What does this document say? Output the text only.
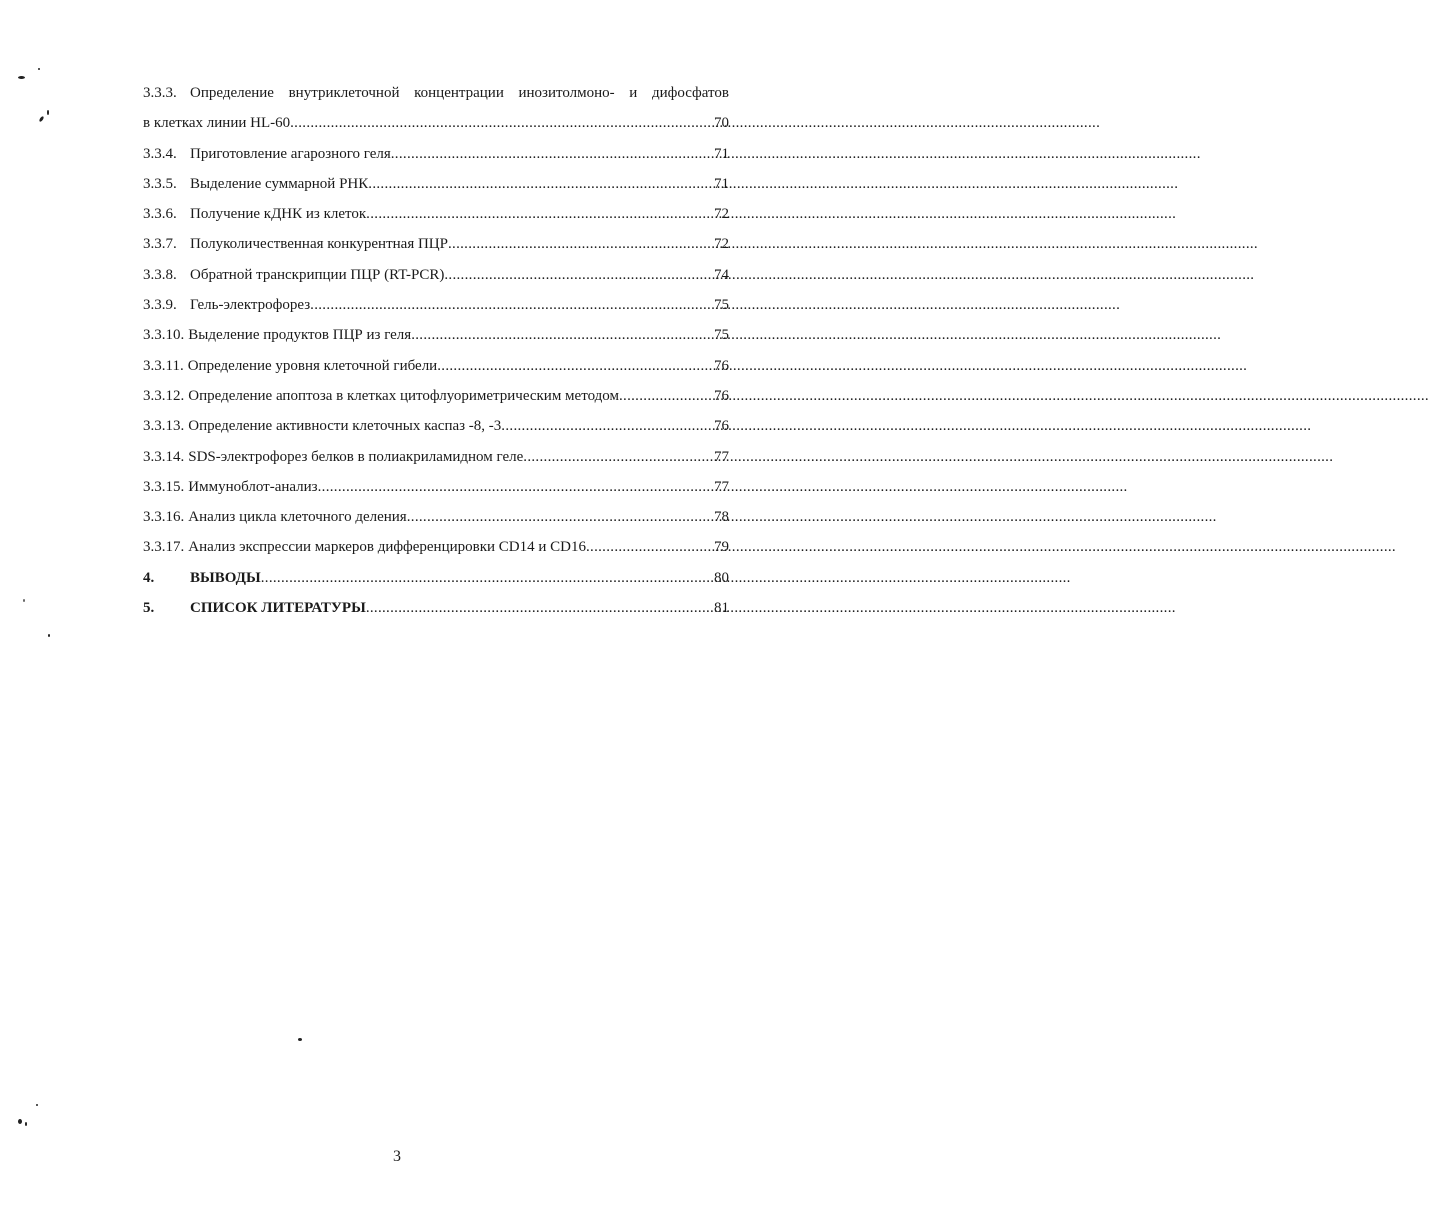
3.3.3. Определение внутриклеточной концентрации инозитолмоно- и дифосфатов
в клетках линии HL-60 .....	70
3.3.4. Приготовление агарозного геля .....	71
3.3.5. Выделение суммарной РНК .....	71
3.3.6. Получение кДНК из клеток .....	72
3.3.7. Полуколичественная конкурентная ПЦР .....	72
3.3.8. Обратной транскрипции ПЦР (RT-PCR) .....	74
3.3.9. Гель-электрофорез .....	75
3.3.10. Выделение продуктов ПЦР из геля .....	75
3.3.11. Определение уровня клеточной гибели .....	76
3.3.12. Определение апоптоза в клетках цитофлуориметрическим методом .....	76
3.3.13. Определение активности клеточных каспаз -8, -3 .....	76
3.3.14. SDS-электрофорез белков в полиакриламидном геле .....	77
3.3.15. Иммуноблот-анализ .....	77
3.3.16. Анализ цикла клеточного деления .....	78
3.3.17. Анализ экспрессии маркеров дифференцировки CD14 и CD16 .....	79
4.	ВЫВОДЫ .....	80
5.	СПИСОК ЛИТЕРАТУРЫ .....	81
3
